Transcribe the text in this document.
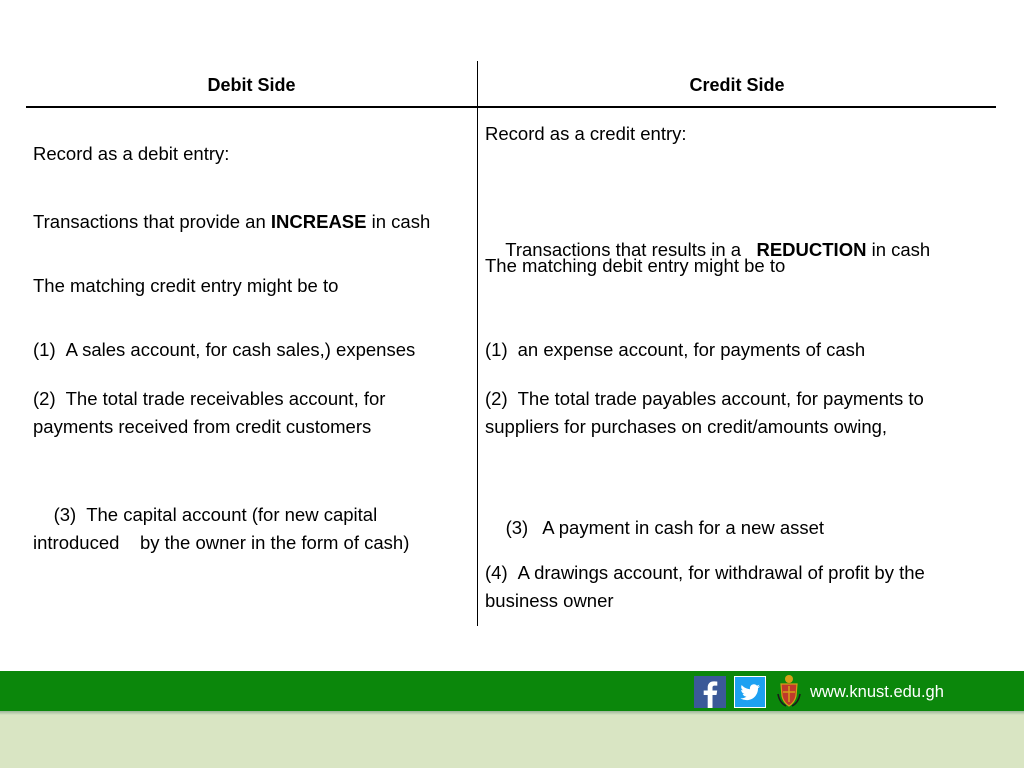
Debit Side	Credit Side
Record as a debit entry:
Transactions that provide an INCREASE in cash
The matching credit entry might be to
(1) A sales account, for cash sales,) expenses
(2) The total trade receivables account, for payments received from credit customers

(3) The capital account (for new capital introduced    by the owner in the form of cash)

Record as a credit entry:

Transactions that results in a   REDUCTION in cash

The matching debit entry might be to
(1) an expense account, for payments of cash
(2) The total trade payables account, for payments to suppliers for purchases on credit/amounts owing,

(3) A payment in cash for a new asset

(4) A drawings account, for withdrawal of profit by the business owner
www.knust.edu.gh
